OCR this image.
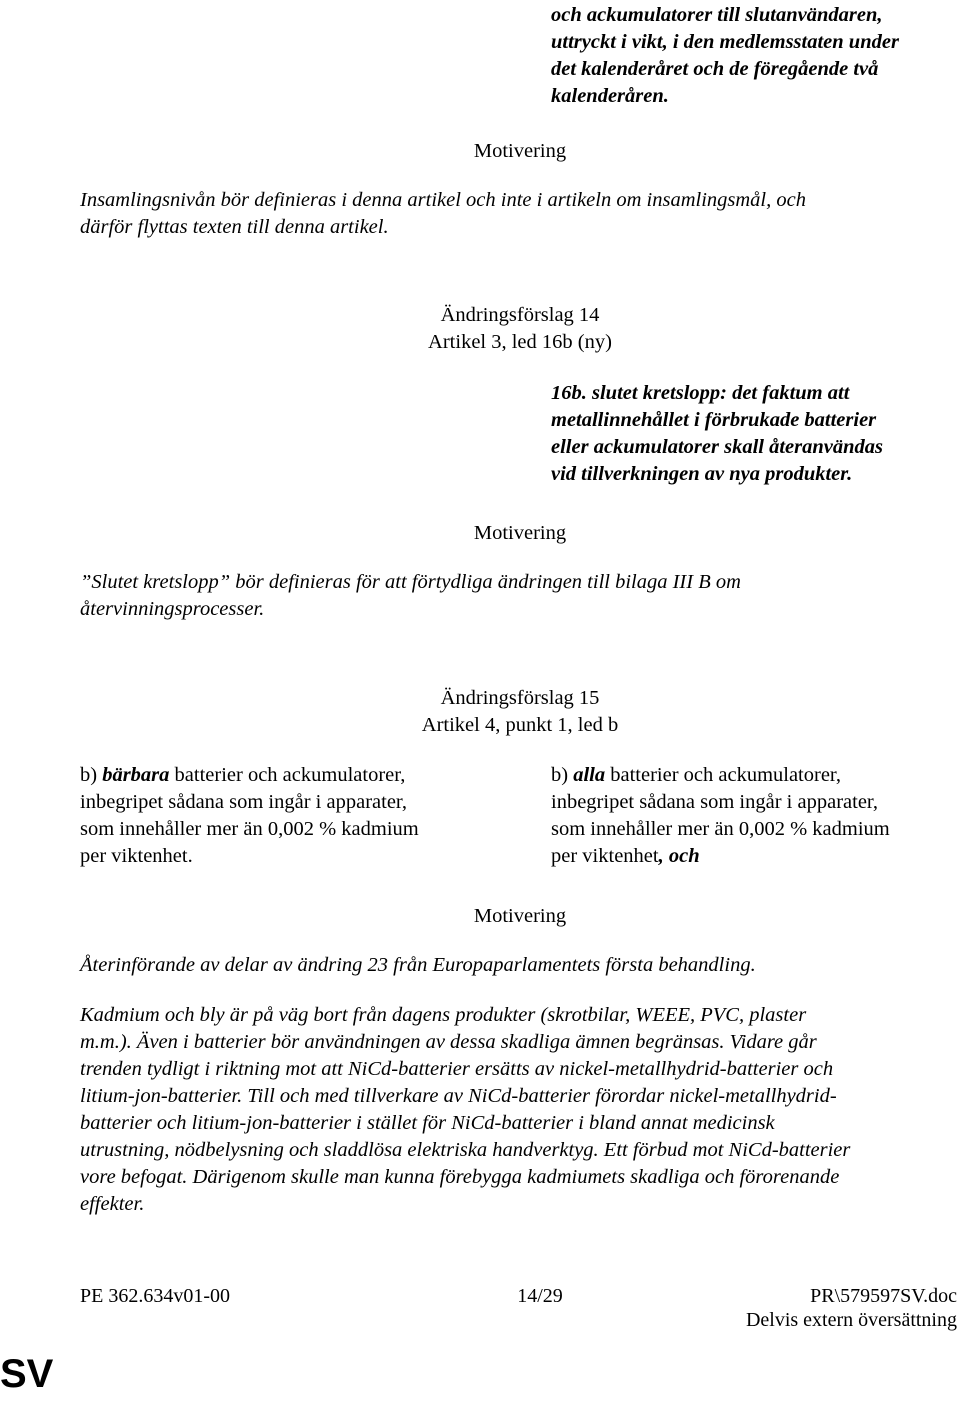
och ackumulatorer till slutanvändaren,
uttryckt i vikt, i den medlemsstaten under
det kalenderåret och de föregående två
kalenderåren.
Motivering
Insamlingsnivån bör definieras i denna artikel och inte i artikeln om insamlingsmål, och
därför flyttas texten till denna artikel.
Ändringsförslag 14
Artikel 3, led 16b (ny)
16b. slutet kretslopp: det faktum att
metallinnehållet i förbrukade batterier
eller ackumulatorer skall återanvändas
vid tillverkningen av nya produkter.
Motivering
”Slutet kretslopp” bör definieras för att förtydliga ändringen till bilaga III B om
återvinningsprocesser.
Ändringsförslag 15
Artikel 4, punkt 1, led b
b) bärbara batterier och ackumulatorer,
inbegripet sådana som ingår i apparater,
som innehåller mer än 0,002 % kadmium
per viktenhet.
b) alla batterier och ackumulatorer,
inbegripet sådana som ingår i apparater,
som innehåller mer än 0,002 % kadmium
per viktenhet, och
Motivering
Återinförande av delar av ändring 23 från Europaparlamentets första behandling.
Kadmium och bly är på väg bort från dagens produkter (skrotbilar, WEEE, PVC, plaster
m.m.). Även i batterier bör användningen av dessa skadliga ämnen begränsas. Vidare går
trenden tydligt i riktning mot att NiCd-batterier ersätts av nickel-metallhydrid-batterier och
litium-jon-batterier. Till och med tillverkare av NiCd-batterier förordar nickel-metallhydrid-
batterier och litium-jon-batterier i stället för NiCd-batterier i bland annat medicinsk
utrustning, nödbelysning och sladdlösa elektriska handverktyg. Ett förbud mot NiCd-batterier
vore befogat. Därigenom skulle man kunna förebygga kadmiumets skadliga och förorenande
effekter.
PE 362.634v01-00	14/29	PR\579597SV.doc
Delvis extern översättning
SV
